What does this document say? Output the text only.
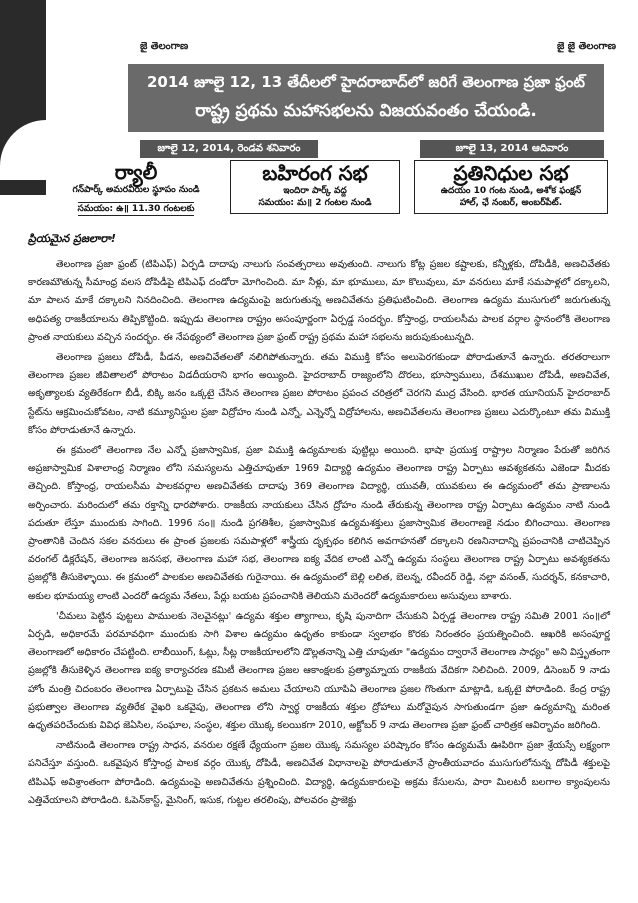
జై తెలంగాణ	జై జై తెలంగాణ
2014 జూలై 12, 13 తేదీలలో హైదరాబాద్‌లో జరిగే తెలంగాణ ప్రజా ఫ్రంట్
రాష్ట్ర ప్రథమ మహాసభలను విజయవంతం చేయండి.
జూలై 12, 2014, రెండవ శనివారం	జూలై 13, 2014 ఆదివారం
ర్యాలీ
గన్‌పార్క్ అమరవీరుల స్థూపం నుండి
సమయం: ఉ॥ 11.30 గంటలకు
బహిరంగ సభ
ఇందిరా పార్క్ వద్ద
సమయం: మ॥ 2 గంటల నుండి
ప్రతినిధుల సభ
ఉదయం 10 గంట నుండి, అశోక ఫంక్షన్
హాల్, ఛే నంబర్, అంబర్‌పేట్.
ప్రియమైన ప్రజలారా!

తెలంగాణ ప్రజా ఫ్రంట్ (టిపిఎఫ్) ఏర్పడి దాదాపు నాలుగు సంవత్సరాలు అవుతుంది. నాలుగు కోట్ల ప్రజల కష్టాలకు, కన్నీళ్లకు, దోపిడీకి, అణచివేతకు కారణమౌతున్న సీమాంధ్ర వలస దోపిడీపై టిపిఎఫ్ దండోరా మోగించింది. మా నీళ్లు, మా భూములు, మా కొలువులు, మా వనరులు మాకే సమపాళ్లలో దక్కాలని, మా పాలన మాకే దక్కాలని నినదించింది. తెలంగాణ ఉద్యమంపై జరుగుతున్న అణచివేతను ప్రతిఘటించింది. తెలంగాణ ఉద్యమ ముసుగులో జరుగుతున్న అధిపత్య రాజకీయాలను తిప్పికొట్టింది. ఇప్పుడు తెలంగాణ రాష్ట్రం అసంపూర్ణంగా ఏర్పడ్డ సందర్భం. కోస్తాంధ్ర, రాయలసీమ పాలక వర్గాల స్థానంలోకి తెలంగాణ ప్రాంత నాయకులు వచ్చిన సందర్భం. ఈ నేపథ్యంలో తెలంగాణ ప్రజా ఫ్రంట్ రాష్ట్ర ప్రథమ మహా సభలను జరుపుకుంటున్నది.

తెలంగాణ ప్రజలు దోపిడీ, పీడన, అణచివేతలతో నలిగిపోతున్నారు. తమ విముక్తి కోసం అలుపెరగకుండా పోరాడుతూనే ఉన్నారు. తరతరాలుగా తెలంగాణ ప్రజల జీవితాలలో పోరాటం విడదీయరాని భాగం అయ్యింది. హైదరాబాద్ రాజ్యంలోని దొరలు, భూస్వాములు, దేశముఖుల దోపిడీ, అణచివేత, అకృత్యాలకు వ్యతిరేకంగా బీడీ, బిక్కి జనం ఒక్కటై చేసిన తెలంగాణ ప్రజల పోరాటం ప్రపంచ చరిత్రలో చెరగని ముద్ర వేసింది. భారత యూనియన్ హైదరాబాద్ స్టేట్‌ను ఆక్రమించుకోవటం, నాటి కమ్యూనిస్టుల ప్రజా విద్రోహం నుండి ఎన్నో, ఎన్నెన్నో విద్రోహాలను, అణచివేతలను తెలంగాణ ప్రజలు ఎదుర్కొంటూ తమ విముక్తి కోసం పోరాడుతూనే ఉన్నారు.

ఈ క్రమంలో తెలంగాణ నేల ఎన్నో ప్రజాస్వామిక, ప్రజా విముక్తి ఉద్యమాలకు పుట్టిల్లు అయింది. భాషా ప్రయుక్త రాష్ట్రాల నిర్మాణం పేరుతో జరిగిన అప్రజాస్వామిక విశాలాంధ్ర నిర్మాణం లోని సమస్యలను ఎత్తిచూపుతూ 1969 విద్యార్థి ఉద్యమం తెలంగాణ రాష్ట్ర ఏర్పాటు ఆవశ్యకతను ఎజెండా మీదకు తెచ్చింది. కోస్తాంధ్ర, రాయలసీమ పాలకవర్గాల అణచివేతకు దాదాపు 369 తెలంగాణ విద్యార్థి, యువతీ, యువకులు ఈ ఉద్యమంలో తమ ప్రాణాలను అర్పించారు. మరిందులో తమ రక్తాన్ని ధారపోశారు. రాజకీయ నాయకులు చేసిన ద్రోహం నుండి తేరుకున్న తెలంగాణ రాష్ట్ర ఏర్పాటు ఉద్యమం నాటి నుండి పదుతూ లేస్తూ ముందుకు సాగింది. 1996 సం॥ నుండి ప్రగతిశీల, ప్రజాస్వామిక ఉద్యమశక్తులు ప్రజాస్వామిక తెలంగాణకై నడుం బిగించాయి. తెలంగాణ ప్రాంతానికి చెందిన సకల వనరులు ఈ ప్రాంత ప్రజలకు సమపాళ్లలో శాస్త్రీయ దృక్పథం కలిగిన అవగాహనతో దక్కాలని రణనినాదాన్ని ప్రపంచానికి చాటిచెప్పిన వరంగల్ డిక్లరేషన్, తెలంగాణ జనసభ, తెలంగాణ మహా సభ, తెలంగాణ ఐక్య వేదిక లాంటి ఎన్నో ఉద్యమ సంస్థలు తెలంగాణ రాష్ట్ర ఏర్పాటు అవశ్యకతను ప్రజల్లోకి తీసుకెళ్ళాయి. ఈ క్రమంలో పాలకుల అణచివేతకు గురైనాయి. ఈ ఉద్యమంలో బెల్లి లలిత, బెలన్న, రవీందర్ రెడ్డి, నల్లా వసంత్, సుదర్శన్, కనకాచారి, అకుల భూమయ్య లాంటి ఎందరో ఉద్యమ నేతలు, పేర్లు బయట ప్రపంచానికి తెలియని మరెందరో ఉద్యమకారులు అసువులు బాశారు.

'చీమలు పెట్టిన పుట్టలు పాములకు నెలవైనట్లు' ఉద్యమ శక్తుల త్యాగాలు, కృషి పునాదిగా చేసుకుని ఏర్పడ్డ తెలంగాణ రాష్ట్ర సమితి 2001 సం॥లో ఏర్పడి, అధికారమే పరమావధిగా ముందుకు సాగి విశాల ఉద్యమం ఉధృతం కాకుండా స్వలాభం కొరకు నిరంతరం ప్రయత్నించింది. ఆఖరికి అసంపూర్ణ తెలంగాణలో అధికారం చేపట్టింది. లాబీయింగ్, ఓట్లు, సీట్ల రాజకీయాలలోని డొల్లతనాన్ని ఎత్తి చూపుతూ "ఉద్యమం ద్వారానే తెలంగాణ సాధ్యం" అని విస్తృతంగా ప్రజల్లోకి తీసుకెళ్ళిన తెలంగాణ ఐక్య కార్యాచరణ కమిటీ తెలంగాణ ప్రజల ఆకాంక్షలకు ప్రత్యామ్నాయ రాజకీయ వేదికగా నిలిచింది. 2009, డిసెంబర్ 9 నాడు హోం మంత్రి చిదంబరం తెలంగాణ ఏర్పాటుపై చేసిన ప్రకటన అమలు చేయాలని యూపిఏ తెలంగాణ ప్రజల గొంతుగా మాట్లాడి, ఒక్కటై పోరాడింది. కేంద్ర రాష్ట్ర ప్రభుత్వాల తెలంగాణ వ్యతిరేక వైఖరి ఒకవైపు, తెలంగాణ లోని స్వార్థ రాజకీయ శక్తుల ద్రోహాలు మరోవైపున సాగుతుండగా ప్రజా ఉద్యమాన్ని మరింత ఉధృతపరిచేందుకు వివిధ జెఏసిల, సంఘాల, సంస్థల, శక్తుల యొక్క కలయికగా 2010, అక్టోబర్ 9 నాడు తెలంగాణ ప్రజా ఫ్రంట్ చారిత్రక ఆవిర్భావం జరిగింది.

నాటినుండి తెలంగాణ రాష్ట్ర సాధన, వనరుల రక్షణే ధ్యేయంగా ప్రజల యొక్క సమస్యల పరిష్కారం కోసం ఉద్యమమే ఊపిరిగా ప్రజా శ్రేయస్సే లక్ష్యంగా పనిచేస్తూ వస్తుంది. ఒకవైపున కోస్తాంధ్ర పాలక వర్గం యొక్క దోపిడీ, అణచివేత విధానాలపై పోరాడుతూనే ప్రాంతీయవాదం ముసుగులోనున్న దోపిడీ శక్తులపై టిపిఎఫ్ అవిశ్రాంతంగా పోరాడింది. ఉద్యమంపై అణచివేతను ప్రశ్నించింది. విద్యార్థి, ఉద్యమకారులపై అక్రమ కేసులను, పారా మిలటరీ బలగాల క్యాంపులను ఎత్తివేయాలని పోరాడింది. ఓపెన్‌కాస్ట్, మైనింగ్, ఇసుక, గుట్టల తరలింపు, పోలవరం ప్రాజెక్టు
